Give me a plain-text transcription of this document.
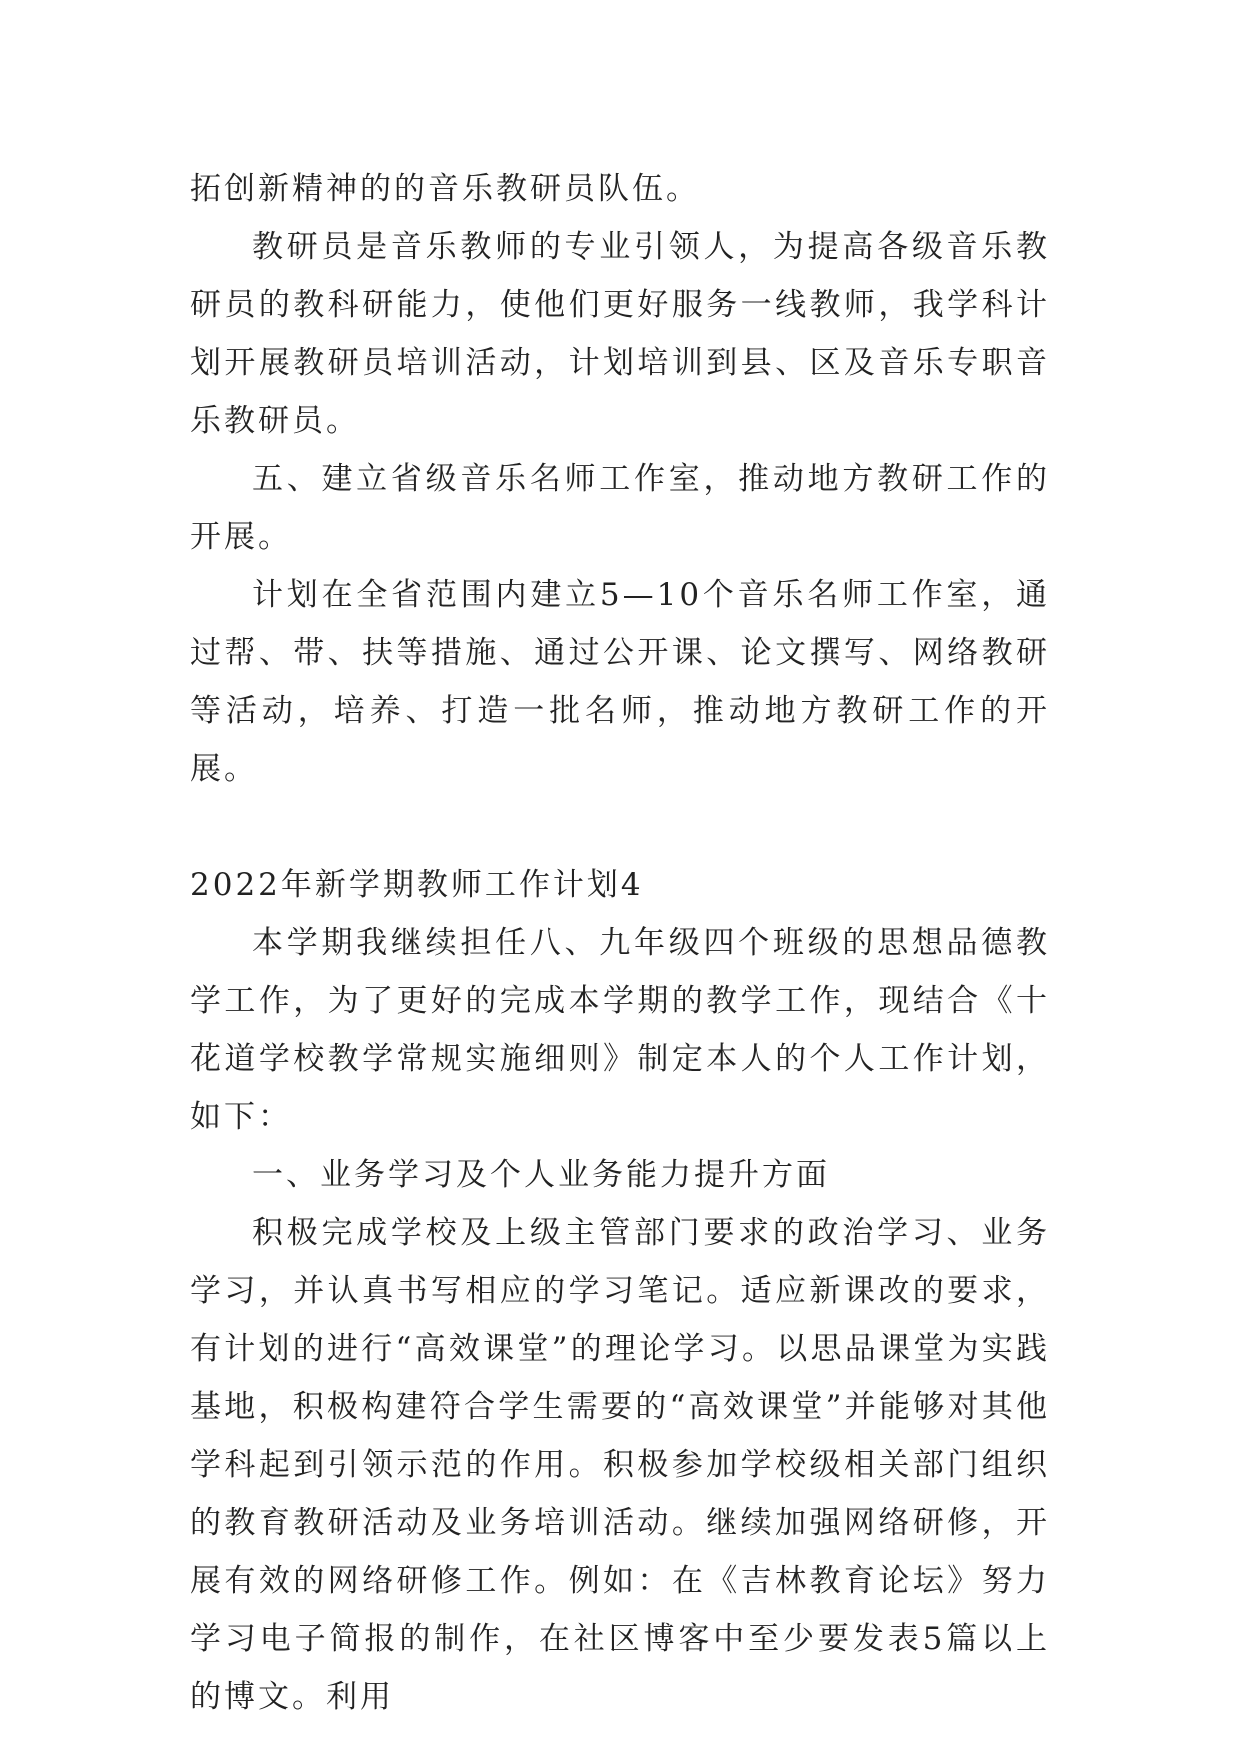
拓创新精神的的音乐教研员队伍。

教研员是音乐教师的专业引领人，为提高各级音乐教研员的教科研能力，使他们更好服务一线教师，我学科计划开展教研员培训活动，计划培训到县、区及音乐专职音乐教研员。

五、建立省级音乐名师工作室，推动地方教研工作的开展。

计划在全省范围内建立5—10个音乐名师工作室，通过帮、带、扶等措施、通过公开课、论文撰写、网络教研等活动，培养、打造一批名师，推动地方教研工作的开展。

2022年新学期教师工作计划4

本学期我继续担任八、九年级四个班级的思想品德教学工作，为了更好的完成本学期的教学工作，现结合《十花道学校教学常规实施细则》制定本人的个人工作计划，如下：

一、业务学习及个人业务能力提升方面

积极完成学校及上级主管部门要求的政治学习、业务学习，并认真书写相应的学习笔记。适应新课改的要求，有计划的进行“高效课堂”的理论学习。以思品课堂为实践基地，积极构建符合学生需要的“高效课堂”并能够对其他学科起到引领示范的作用。积极参加学校级相关部门组织的教育教研活动及业务培训活动。继续加强网络研修，开展有效的网络研修工作。例如：在《吉林教育论坛》努力学习电子简报的制作，在社区博客中至少要发表5篇以上的博文。利用
